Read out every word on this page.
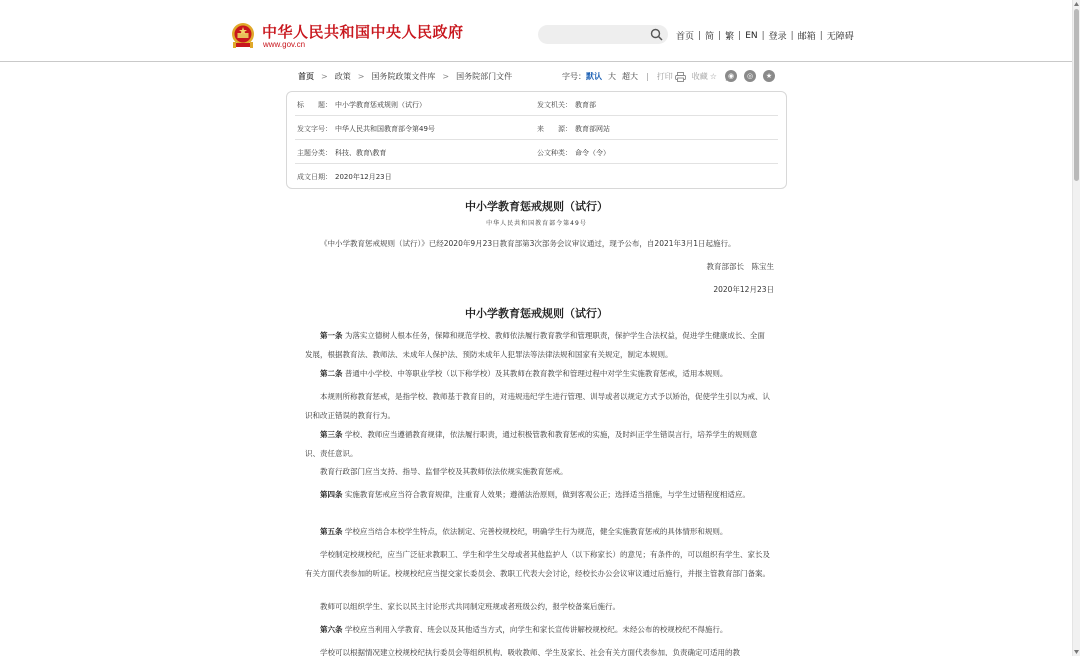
中华人民共和国中央人民政府
www.gov.cn
首页 | 简 | 繁 | EN | 登录 | 邮箱 | 无障碍
首页 > 政策 > 国务院政策文件库 > 国务院部门文件	字号： 默认 大 超大 | 打印 收藏 ☆	◉	◎	★
标　　题： 中小学教育惩戒规则（试行）	发文机关： 教育部
发文字号： 中华人民共和国教育部令第49号	来　　源： 教育部网站
主题分类： 科技、教育\教育	公文种类： 命令（令）
成文日期： 2020年12月23日
中小学教育惩戒规则（试行）
中华人民共和国教育部令第49号
《中小学教育惩戒规则（试行）》已经2020年9月23日教育部第3次部务会议审议通过，现予公布，自2021年3月1日起施行。
教育部部长　陈宝生
2020年12月23日
中小学教育惩戒规则（试行）
第一条 为落实立德树人根本任务，保障和规范学校、教师依法履行教育教学和管理职责，保护学生合法权益，促进学生健康成长、全面发展，根据教育法、教师法、未成年人保护法、预防未成年人犯罪法等法律法规和国家有关规定，制定本规则。
第二条 普通中小学校、中等职业学校（以下称学校）及其教师在教育教学和管理过程中对学生实施教育惩戒，适用本规则。
本规则所称教育惩戒，是指学校、教师基于教育目的，对违规违纪学生进行管理、训导或者以规定方式予以矫治，促使学生引以为戒、认识和改正错误的教育行为。
第三条 学校、教师应当遵循教育规律，依法履行职责，通过积极管教和教育惩戒的实施，及时纠正学生错误言行，培养学生的规则意识、责任意识。
教育行政部门应当支持、指导、监督学校及其教师依法依规实施教育惩戒。
第四条 实施教育惩戒应当符合教育规律，注重育人效果；遵循法治原则，做到客观公正；选择适当措施，与学生过错程度相适应。
第五条 学校应当结合本校学生特点，依法制定、完善校规校纪，明确学生行为规范，健全实施教育惩戒的具体情形和规则。
学校制定校规校纪，应当广泛征求教职工、学生和学生父母或者其他监护人（以下称家长）的意见；有条件的，可以组织有学生、家长及有关方面代表参加的听证。校规校纪应当提交家长委员会、教职工代表大会讨论，经校长办公会议审议通过后施行，并报主管教育部门备案。
教师可以组织学生、家长以民主讨论形式共同制定班规或者班级公约，报学校备案后施行。
第六条 学校应当利用入学教育、班会以及其他适当方式，向学生和家长宣传讲解校规校纪。未经公布的校规校纪不得施行。
学校可以根据情况建立校规校纪执行委员会等组织机构，吸收教师、学生及家长、社会有关方面代表参加，负责确定可适用的教
